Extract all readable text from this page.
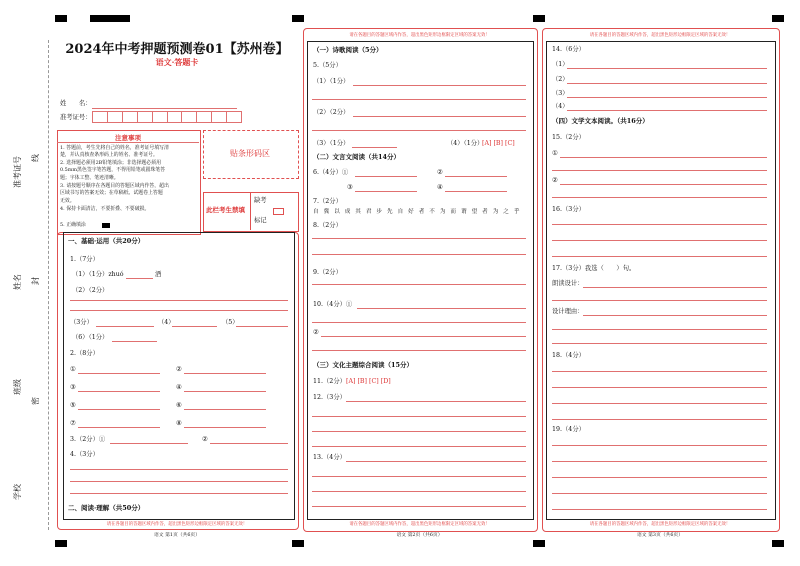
准考证号 线
姓名 封
班级
密
学校
2024年中考押题预测卷01【苏州卷】
语文·答题卡
姓　　名：
准考证号：
注意事项
1. 答题前，考生先将自己的姓名，准考证号填写清
楚，并认真核查条形码上的姓名、准考证号。
2. 选择题必须用2B铅笔填涂；非选择题必须用
0.5mm黑色签字笔答题，不得用铅笔或圆珠笔答
题；字体工整、笔迹清晰。
3. 请按题号顺序在各题目的答题区域内作答，超出
区域书写的答案无效；在草稿纸、试题卷上答题
无效。
4. 保持卡面清洁，不要折叠、不要破损。
5. 正确填涂
贴条形码区
此栏考生禁填
缺考
标记
一、基础·运用（共20分）
1.（7分）
（1）（1分）zhuó	酒
（2）（2分）
（3分）	（4）	（5）
（6）（1分）
2.（8分）
①	②
③	④
⑤	⑥
⑦	⑧
3.（2分）①	②
4.（3分）
二、阅读·理解（共50分）
请在各题目的答题区域内作答，超出黑色矩形边框限定区域的答案无效！
语文 第1页（共6页）
请在各题目的答题区域内作答，超出黑色矩形边框限定区域的答案无效！
（一）诗歌阅读（5分）
5.（5分）
（1）（1分）
（2）（2分）
（3）（1分）	（4）（1分）
[A] [B] [C]
（二）文言文阅读（共14分）
6.（4分）①	②
③	④
7.（2分）
自 冀 以 成 其 君 步 先 自 好 者 不 为 而 谓 望 者 为 之 乎
8.（2分）
9.（2分）
10.（4分）①
②
（三）文化主题综合阅读（15分）
11.（2分） [A] [B] [C] [D]
12.（3分）
13.（4分）
请在各题目的答题区域内作答，超出黑色矩形边框限定区域的答案无效！
语文 第2页（共6页）
请在各题目的答题区域内作答，超出黑色矩形边框限定区域的答案无效！
14.（6分）
（1）
（2）
（3）
（4）
（四）文学文本阅读。（共16分）
15.（2分）
①
②
16.（3分）
17.（3分）我选（　　）句。
朗读设计：
设计理由：
18.（4分）
19.（4分）
请在各题目的答题区域内作答，超出黑色矩形边框限定区域的答案无效！
语文 第3页（共6页）
